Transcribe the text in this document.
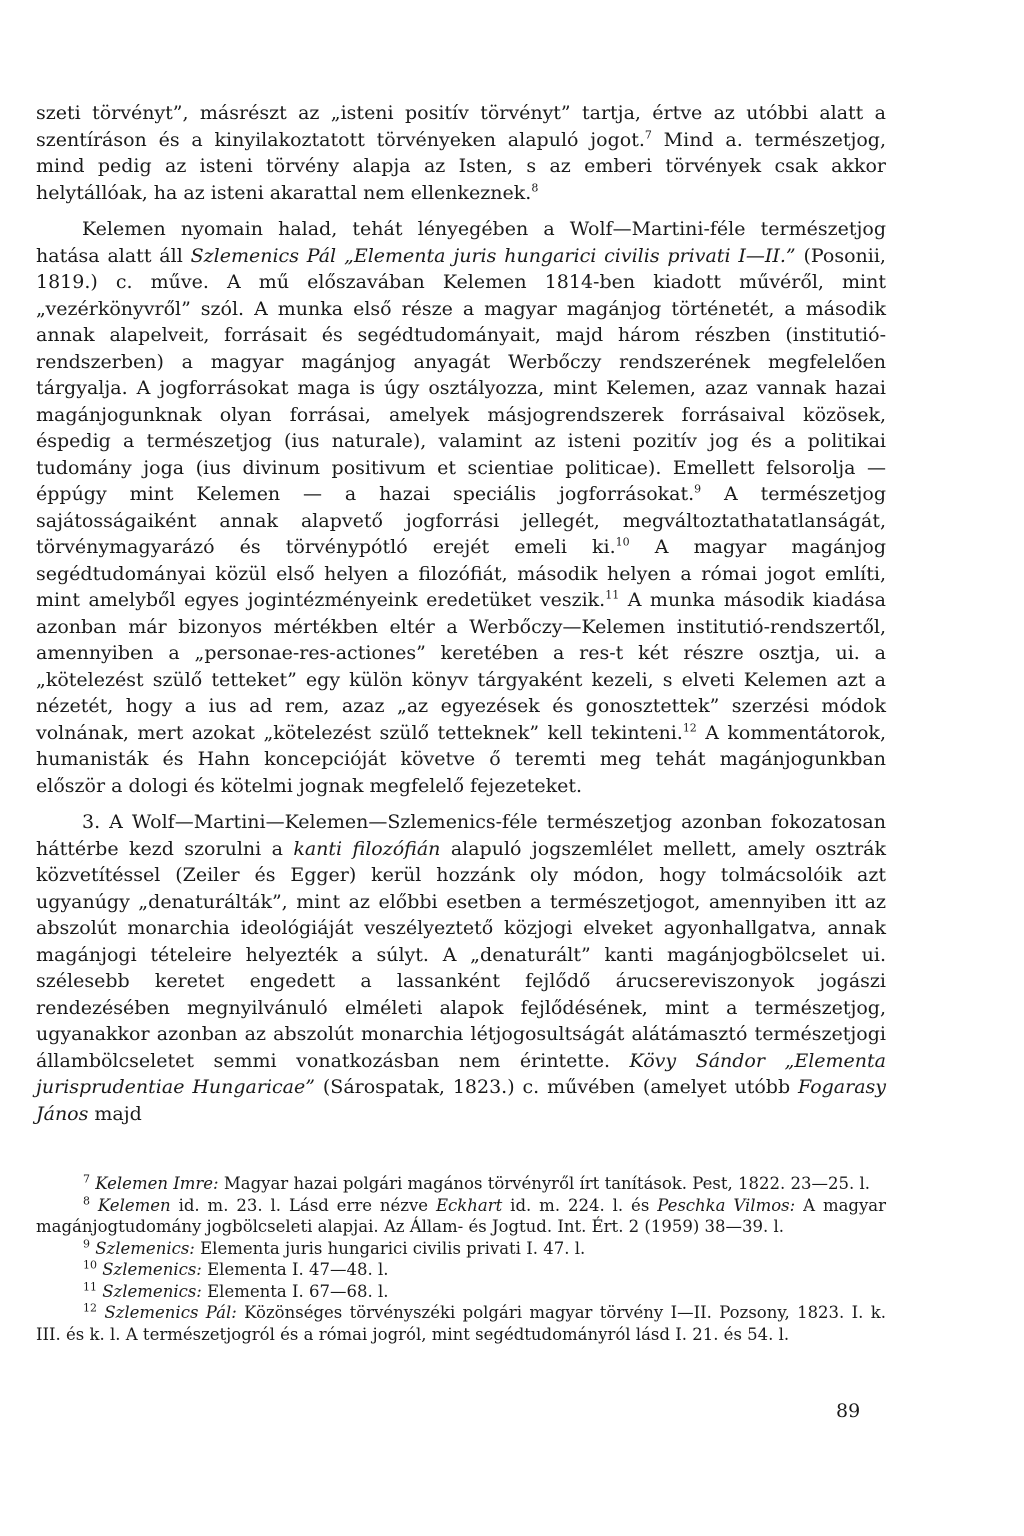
szeti törvényt”, másrészt az „isteni positív törvényt” tartja, értve az utóbbi alatt a szentíráson és a kinyilakoztatott törvényeken alapuló jogot.$^7$ Mind a. természetjog, mind pedig az isteni törvény alapja az Isten, s az emberi törvények csak akkor helytállóak, ha az isteni akarattal nem ellenkeznek.$^8$

Kelemen nyomain halad, tehát lényegében a Wolf—Martini-féle természetjog hatása alatt áll Szlemenics Pál „Elementa juris hungarici civilis privati I—II.” (Posonii, 1819.) c. műve. A mű előszavában Kelemen 1814-ben kiadott művéről, mint „vezérkönyvről” szól. A munka első része a magyar magánjog történetét, a második annak alapelveit, forrásait és segédtudományait, majd három részben (institutió-rendszerben) a magyar magánjog anyagát Werbőczy rendszerének megfelelően tárgyalja. A jogforrásokat maga is úgy osztályozza, mint Kelemen, azaz vannak hazai magánjogunknak olyan forrásai, amelyek másjogrendszerek forrásaival közösek, éspedig a természetjog (ius naturale), valamint az isteni pozitív jog és a politikai tudomány joga (ius divinum positivum et scientiae politicae). Emellett felsorolja — éppúgy mint Kelemen — a hazai speciális jogforrásokat.$^9$ A természetjog sajátosságaiként annak alapvető jogforrási jellegét, megváltoztathatatlanságát, törvénymagyarázó és törvénypótló erejét emeli ki.$^{10}$ A magyar magánjog segédtudományai közül első helyen a filozófiát, második helyen a római jogot említi, mint amelyből egyes jogintézményeink eredetüket veszik.$^{11}$ A munka második kiadása azonban már bizonyos mértékben eltér a Werbőczy—Kelemen institutió-rendszertől, amennyiben a „personae-res-actiones” keretében a res-t két részre osztja, ui. a „kötelezést szülő tetteket” egy külön könyv tárgyaként kezeli, s elveti Kelemen azt a nézetét, hogy a ius ad rem, azaz „az egyezések és gonosztettek” szerzési módok volnának, mert azokat „kötelezést szülő tetteknek” kell tekinteni.$^{12}$ A kommentátorok, humanisták és Hahn koncepcióját követve ő teremti meg tehát magánjogunkban először a dologi és kötelmi jognak megfelelő fejezeteket.

3. A Wolf—Martini—Kelemen—Szlemenics-féle természetjog azonban fokozatosan háttérbe kezd szorulni a kanti filozófián alapuló jogszemlélet mellett, amely osztrák közvetítéssel (Zeiler és Egger) kerül hozzánk oly módon, hogy tolmácsolóik azt ugyanúgy „denaturálták”, mint az előbbi esetben a természetjogot, amennyiben itt az abszolút monarchia ideológiáját veszélyeztető közjogi elveket agyonhallgatva, annak magánjogi tételeire helyezték a súlyt. A „denaturált” kanti magánjogbölcselet ui. szélesebb keretet engedett a lassanként fejlődő árucsereviszonyok jogászi rendezésében megnyilvánuló elméleti alapok fejlődésének, mint a természetjog, ugyanakkor azonban az abszolút monarchia létjogosultságát alátámasztó természetjogi állambölcseletet semmi vonatkozásban nem érintette. Kövy Sándor „Elementa jurisprudentiae Hungaricae” (Sárospatak, 1823.) c. művében (amelyet utóbb Fogarasy János majd

$^7$ Kelemen Imre: Magyar hazai polgári magános törvényről írt tanítások. Pest, 1822. 23—25. l.

$^8$ Kelemen id. m. 23. l. Lásd erre nézve Eckhart id. m. 224. l. és Peschka Vilmos: A magyar magánjogtudomány jogbölcseleti alapjai. Az Állam- és Jogtud. Int. Ért. 2 (1959) 38—39. l.

$^9$ Szlemenics: Elementa juris hungarici civilis privati I. 47. l.

$^{10}$ Szlemenics: Elementa I. 47—48. l.

$^{11}$ Szlemenics: Elementa I. 67—68. l.

$^{12}$ Szlemenics Pál: Közönséges törvényszéki polgári magyar törvény I—II. Pozsony, 1823. I. k. III. és k. l. A természetjogról és a római jogról, mint segédtudományról lásd I. 21. és 54. l.

89
